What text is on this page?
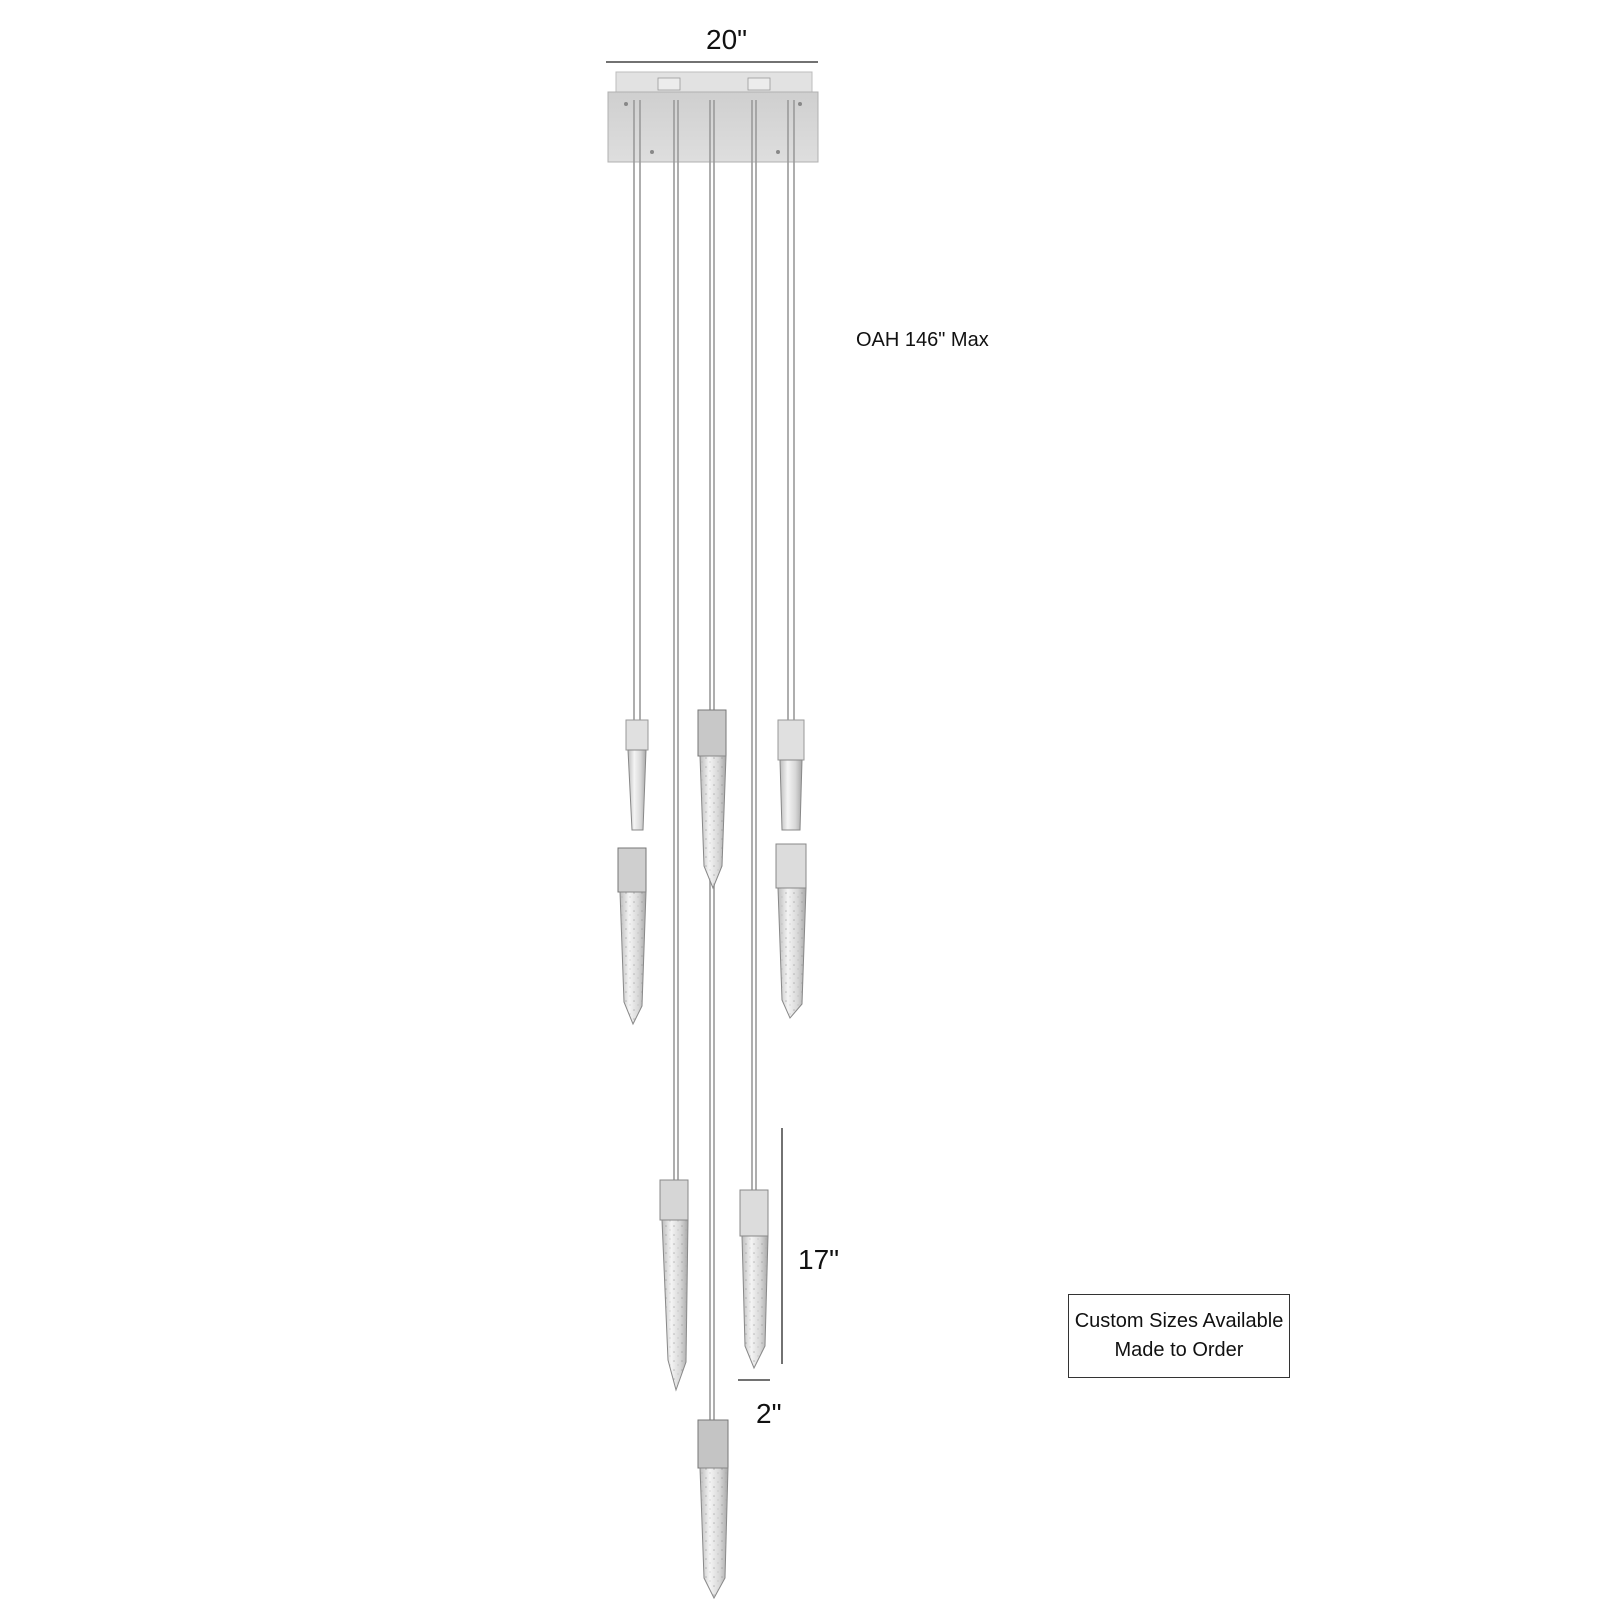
20"
OAH 146" Max
17"
2"
Custom Sizes Available
Made to Order
